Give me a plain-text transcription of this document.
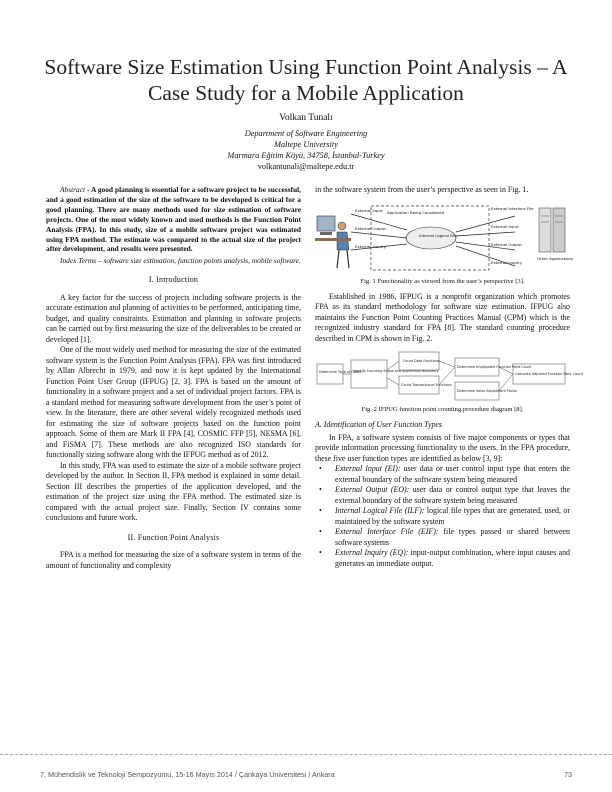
Software Size Estimation Using Function Point Analysis – A Case Study for a Mobile Application
Volkan Tunalı
Department of Software Engineering
Maltepe University
Marmara Eğitim Köyü, 34758, İstanbul-Turkey
volkantunali@maltepe.edu.tr

Abstract - A good planning is essential for a software project to be successful, and a good estimation of the size of the software to be developed is critical for a good planning. There are many methods used for size estimation of software projects. One of the most widely known and used methods is the Function Point Analysis (FPA). In this study, size of a mobile software project was estimated using FPA method. The estimate was compared to the actual size of the project after development, and results were presented.

Index Terms – software size estimation, function points analysis, mobile software.

I. Introduction

A key factor for the success of projects including software projects is the accurate estimation and planning of activities to be performed, anticipating time, budget, and quality constraints. Estimation and planning in software projects can be carried out by first measuring the size of the deliverables to be created or developed [1].

One of the most widely used method for measuring the size of the estimated software system is the Function Point Analysis (FPA). FPA was first introduced by Allan Albrecht in 1979, and now it is kept updated by the International Function Point User Group (IFPUG) [2, 3]. FPA is based on the amount of functionality in a software project and a set of individual project factors. FPA is a standard method for measuring software development from the user’s point of view. In the literature, there are other several widely recognized methods used for estimating the size of software projects based on the function point approach. Some of them are Mark II FPA [4], COSMIC FFP [5], NESMA [6], and FiSMA [7]. These methods are also recognized ISO standards for functionally sizing software along with the IFPUG method as of 2012.

In this study, FPA was used to estimate the size of a mobile software project developed by the author. In Section II, FPA method is explained in some detail. Section III describes the properties of the application developed, and the estimation of the project size using the FPA method. The estimated size is compared with the actual project size. Finally, Section IV contains some conclusions and future work.

II. Function Point Analysis

FPA is a method for measuring the size of a software system in terms of the amount of functionality and complexity

in the software system from the user’s perspective as seen in Fig. 1.

External Input
External Output
External Inquiry
Application Being Considered
Internal Logical File
External Interface File
External Input
External Output
External Inquiry
Other Applications
Fig. 1 Functionality as viewed from the user’s perspective [3].

Established in 1986, IFPUG is a nonprofit organization which promotes FPA as its standard methodology for software size estimation. IFPUG also maintains the Function Point Counting Practices Manual (CPM) which is the recognized industry standard for FPA [8]. The standard counting procedure described in CPM is shown in Fig. 2.

Determine Type of Count
Identify Counting Scope and Application Boundary
Count Data Functions
Count Transactional Functions
Determine Unadjusted Function Point Count
Determine Value Adjustment Factor
Calculate Adjusted Function Point Count
Fig. 2 IFPUG function point counting procedure diagram [8].
A. Identification of User Function Types

In FPA, a software system consists of five major components or types that provide information processing functionality to the users. In the FPA procedure, these five user function types are identified as below [3, 9]:

• External Input (EI): user data or user control input type that enters the external boundary of the software system being measured
• External Output (EO): user data or control output type that leaves the external boundary of the software system being measured
• Internal Logical File (ILF): logical file types that are generated, used, or maintained by the software system
• External Interface File (EIF): file types passed or shared between software systems
• External Inquiry (EQ): input-output combination, where input causes and generates an immediate output.
7. Mühendislik ve Teknoloji Sempozyumu, 15-16 Mayıs 2014 / Çankaya Üniversitesi / Ankara	73
